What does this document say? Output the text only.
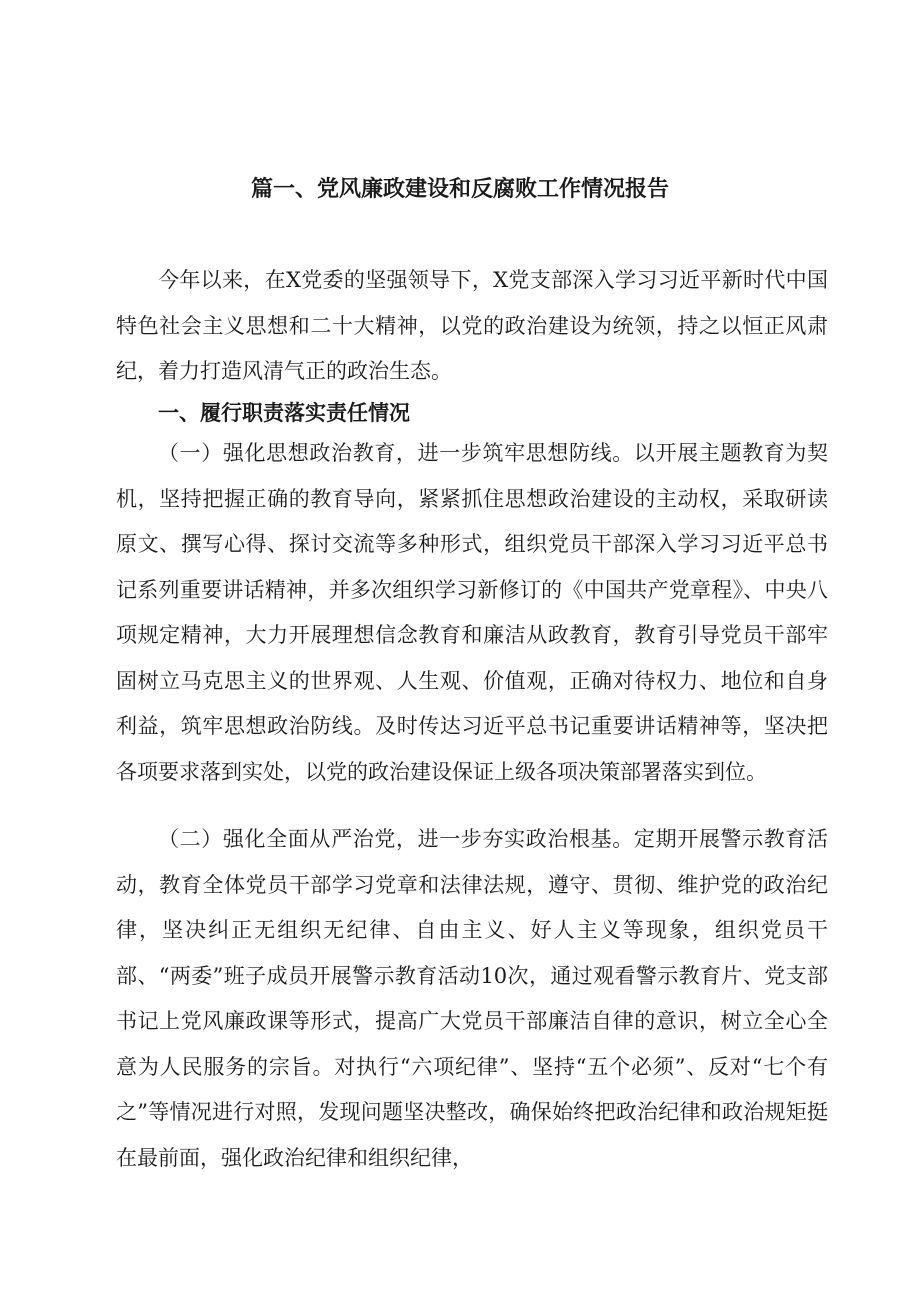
篇一、党风廉政建设和反腐败工作情况报告
今年以来，在X党委的坚强领导下，X党支部深入学习习近平新时代中国特色社会主义思想和二十大精神，以党的政治建设为统领，持之以恒正风肃纪，着力打造风清气正的政治生态。
一、履行职责落实责任情况
（一）强化思想政治教育，进一步筑牢思想防线。以开展主题教育为契机，坚持把握正确的教育导向，紧紧抓住思想政治建设的主动权，采取研读原文、撰写心得、探讨交流等多种形式，组织党员干部深入学习习近平总书记系列重要讲话精神，并多次组织学习新修订的《中国共产党章程》、中央八项规定精神，大力开展理想信念教育和廉洁从政教育，教育引导党员干部牢固树立马克思主义的世界观、人生观、价值观，正确对待权力、地位和自身利益，筑牢思想政治防线。及时传达习近平总书记重要讲话精神等，坚决把各项要求落到实处，以党的政治建设保证上级各项决策部署落实到位。
（二）强化全面从严治党，进一步夯实政治根基。定期开展警示教育活动，教育全体党员干部学习党章和法律法规，遵守、贯彻、维护党的政治纪律，坚决纠正无组织无纪律、自由主义、好人主义等现象，组织党员干部、“两委”班子成员开展警示教育活动10次，通过观看警示教育片、党支部书记上党风廉政课等形式，提高广大党员干部廉洁自律的意识，树立全心全意为人民服务的宗旨。对执行“六项纪律”、坚持“五个必须”、反对“七个有之”等情况进行对照，发现问题坚决整改，确保始终把政治纪律和政治规矩挺在最前面，强化政治纪律和组织纪律，
